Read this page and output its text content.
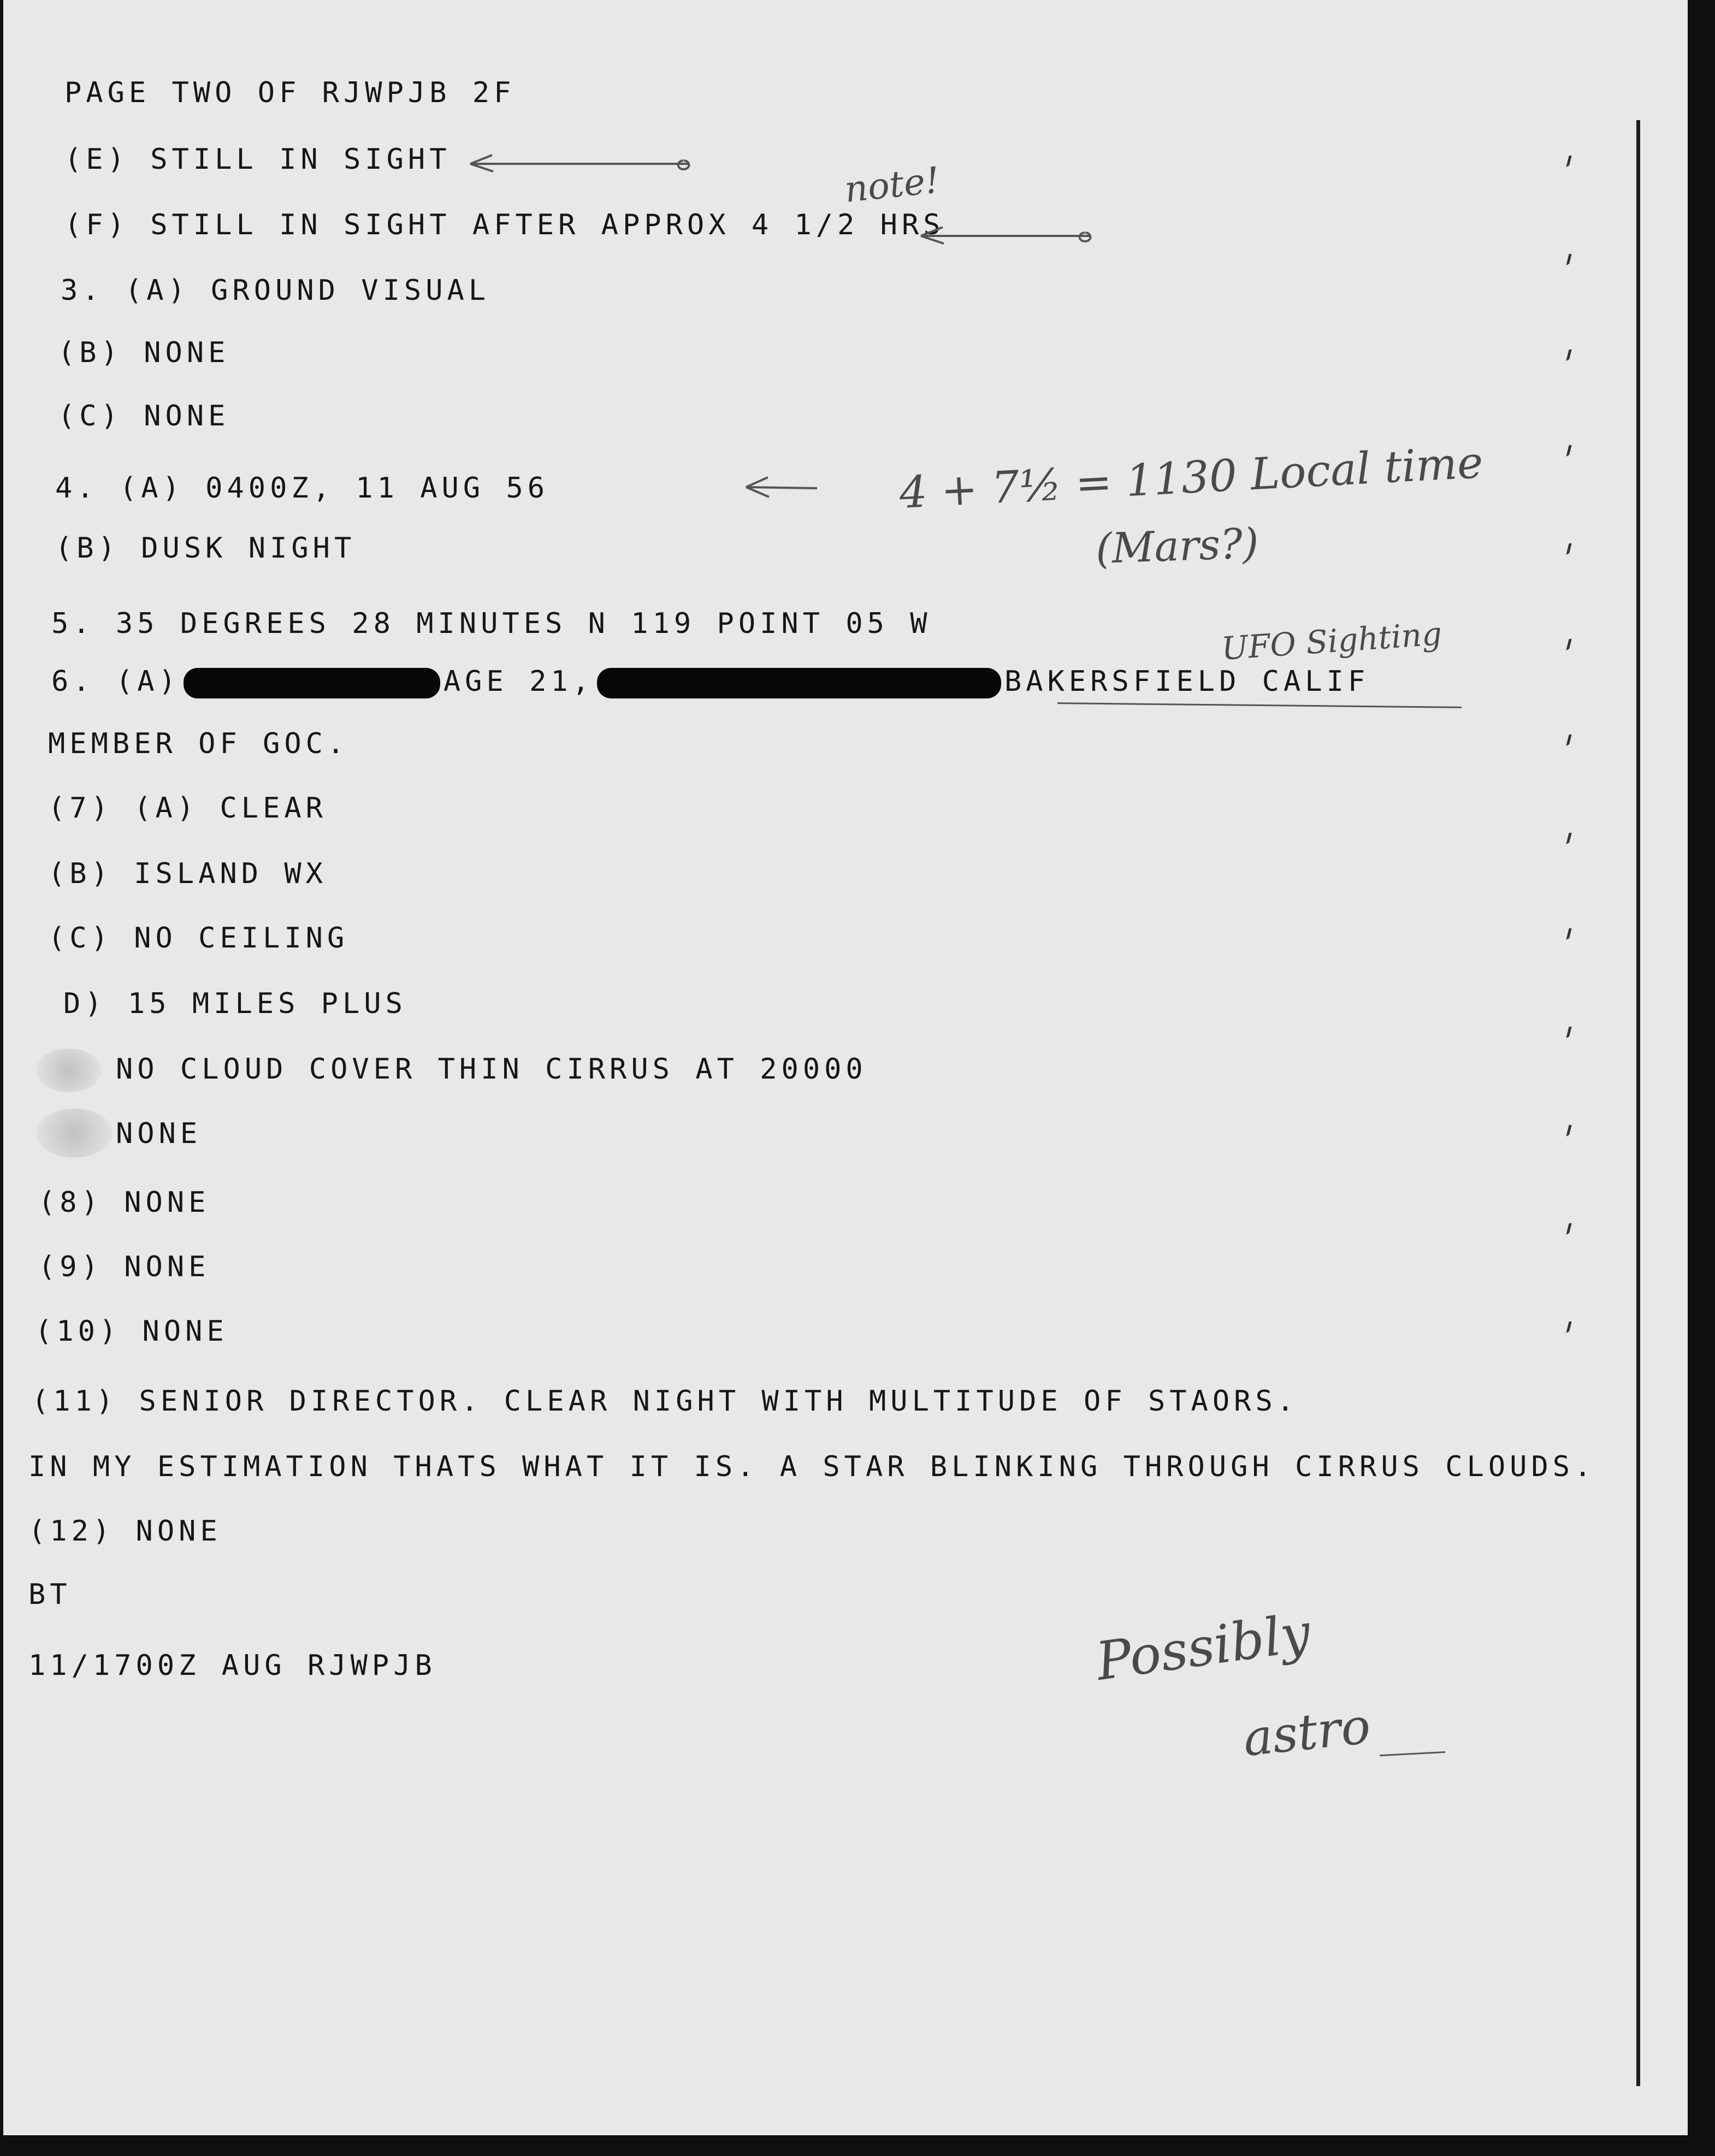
PAGE TWO OF RJWPJB 2F

(E) STILL IN SIGHT

(F) STILL IN SIGHT AFTER APPROX 4 1/2 HRS

3. (A) GROUND VISUAL

(B) NONE

(C) NONE

4. (A) 0400Z, 11 AUG 56

(B) DUSK NIGHT

5. 35 DEGREES 28 MINUTES N 119 POINT 05 W

6. (A)	AGE 21,	BAKERSFIELD CALIF

MEMBER OF GOC.

(7) (A) CLEAR

(B) ISLAND WX

(C) NO CEILING

D) 15 MILES PLUS

NO CLOUD COVER THIN CIRRUS AT 20000

NONE

(8) NONE

(9) NONE

(10) NONE

(11) SENIOR DIRECTOR. CLEAR NIGHT WITH MULTITUDE OF STAORS.

IN MY ESTIMATION THATS WHAT IT IS. A STAR BLINKING THROUGH CIRRUS CLOUDS.

(12) NONE

BT

11/1700Z AUG RJWPJB

note!
4 + 7½ = 1130 Local time
(Mars?)
UFO Sighting
Possibly
astro
